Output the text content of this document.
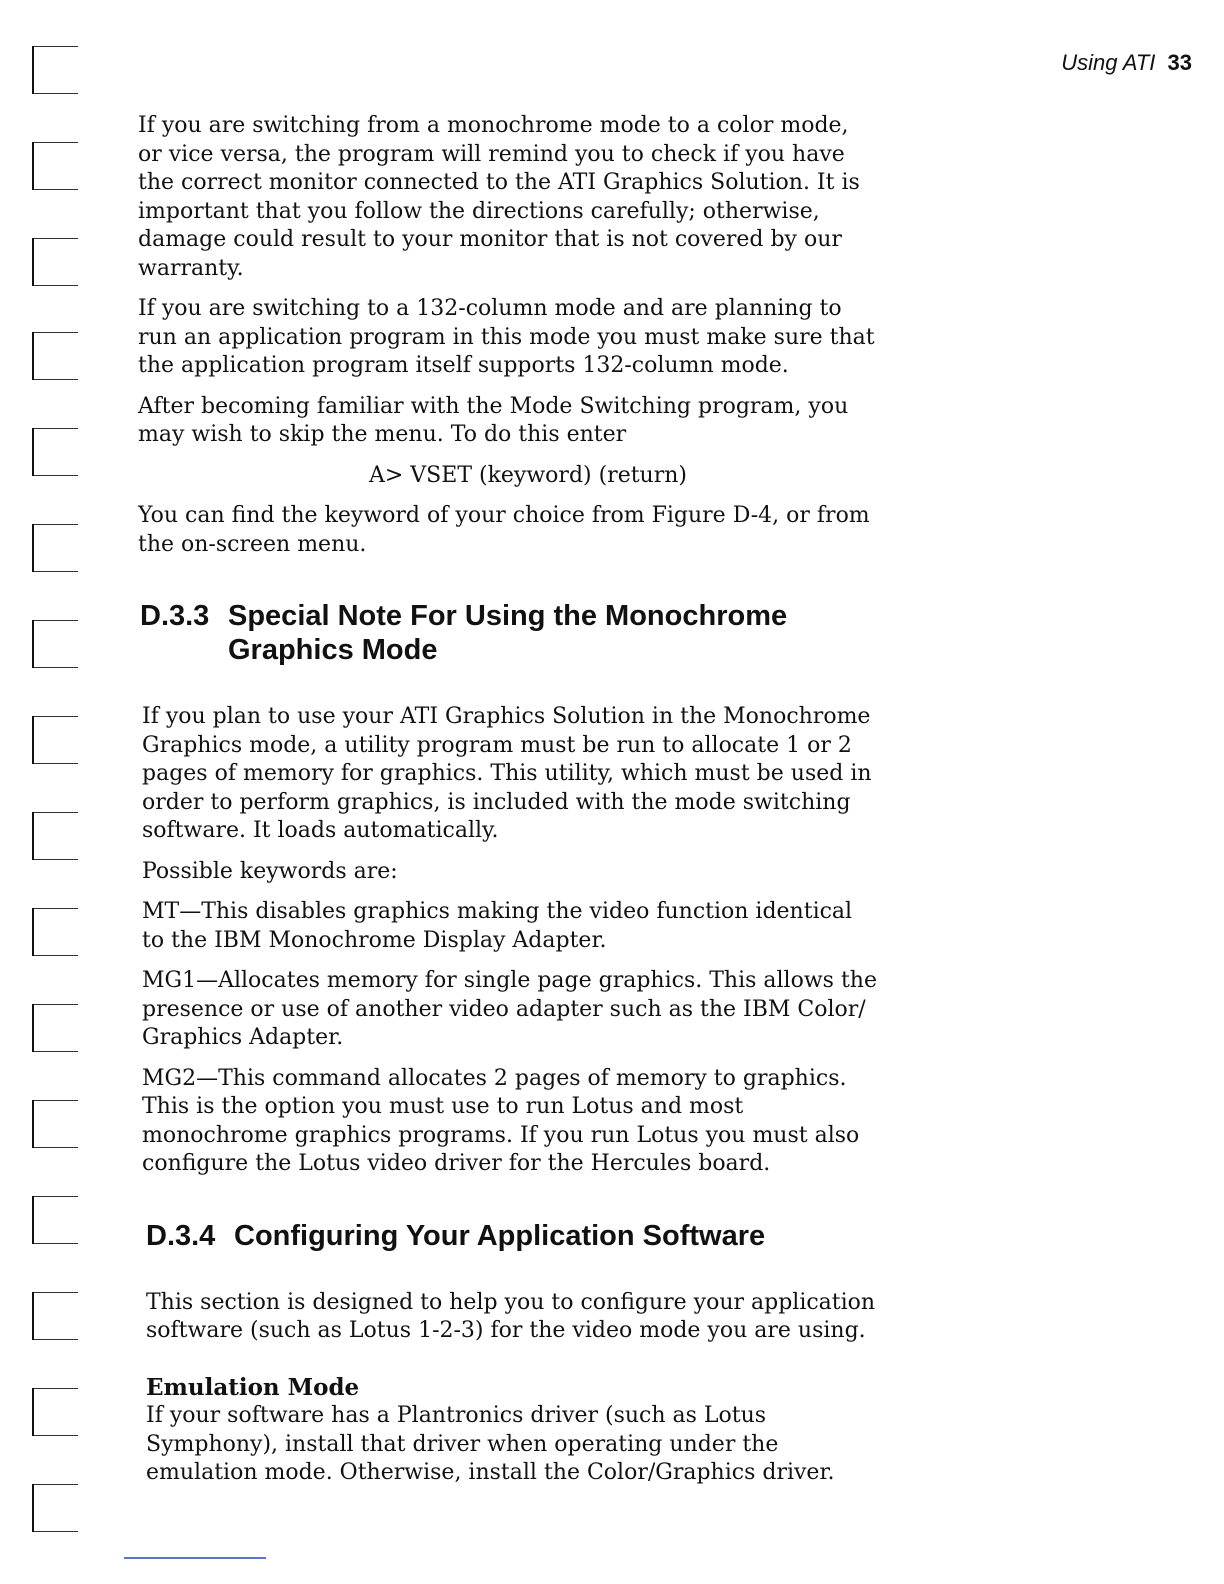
Using ATI 33

If you are switching from a monochrome mode to a color mode, or vice versa, the program will remind you to check if you have the correct monitor connected to the ATI Graphics Solution. It is important that you follow the directions carefully; otherwise, damage could result to your monitor that is not covered by our warranty.

If you are switching to a 132-column mode and are planning to run an application program in this mode you must make sure that the application program itself supports 132-column mode.

After becoming familiar with the Mode Switching program, you may wish to skip the menu. To do this enter

A> VSET (keyword) (return)

You can find the keyword of your choice from Figure D-4, or from the on-screen menu.

D.3.3 Special Note For Using the Monochrome Graphics Mode

If you plan to use your ATI Graphics Solution in the Monochrome Graphics mode, a utility program must be run to allocate 1 or 2 pages of memory for graphics. This utility, which must be used in order to perform graphics, is included with the mode switching software. It loads automatically.

Possible keywords are:

MT—This disables graphics making the video function identical to the IBM Monochrome Display Adapter.

MG1—Allocates memory for single page graphics. This allows the presence or use of another video adapter such as the IBM Color/ Graphics Adapter.

MG2—This command allocates 2 pages of memory to graphics. This is the option you must use to run Lotus and most monochrome graphics programs. If you run Lotus you must also configure the Lotus video driver for the Hercules board.

D.3.4 Configuring Your Application Software

This section is designed to help you to configure your application software (such as Lotus 1-2-3) for the video mode you are using.

Emulation Mode

If your software has a Plantronics driver (such as Lotus Symphony), install that driver when operating under the emulation mode. Otherwise, install the Color/Graphics driver.
